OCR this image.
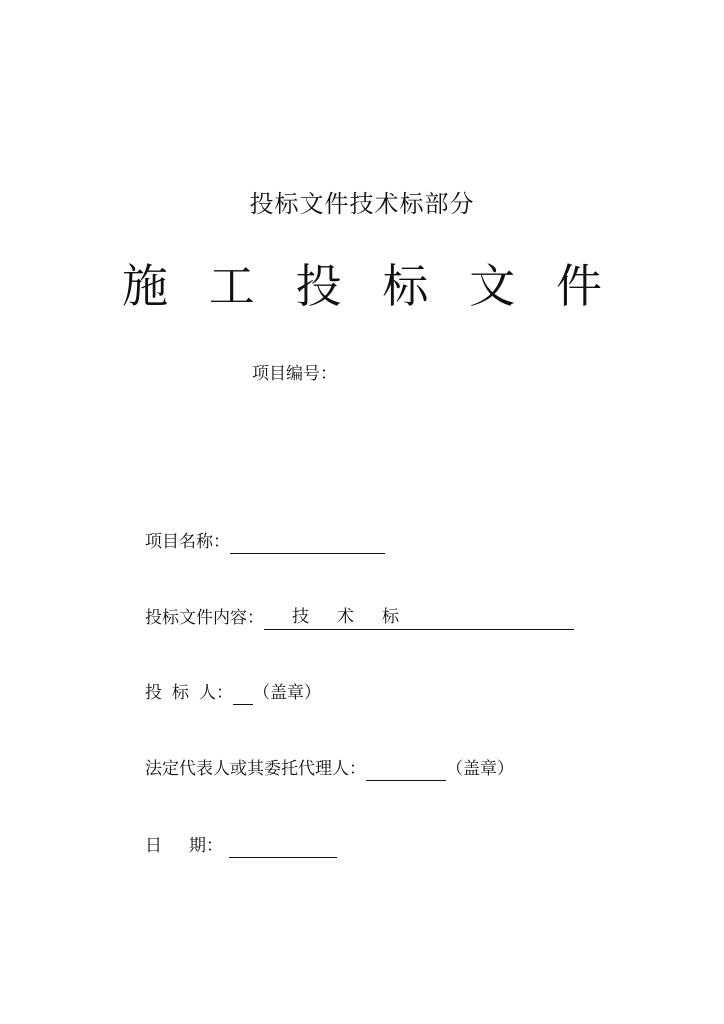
投标文件技术标部分
施 工 投 标 文 件
项目编号：
项目名称：
投标文件内容：	技 术 标
投 标 人： （盖章）
法定代表人或其委托代理人：	（盖章）
日 期：
